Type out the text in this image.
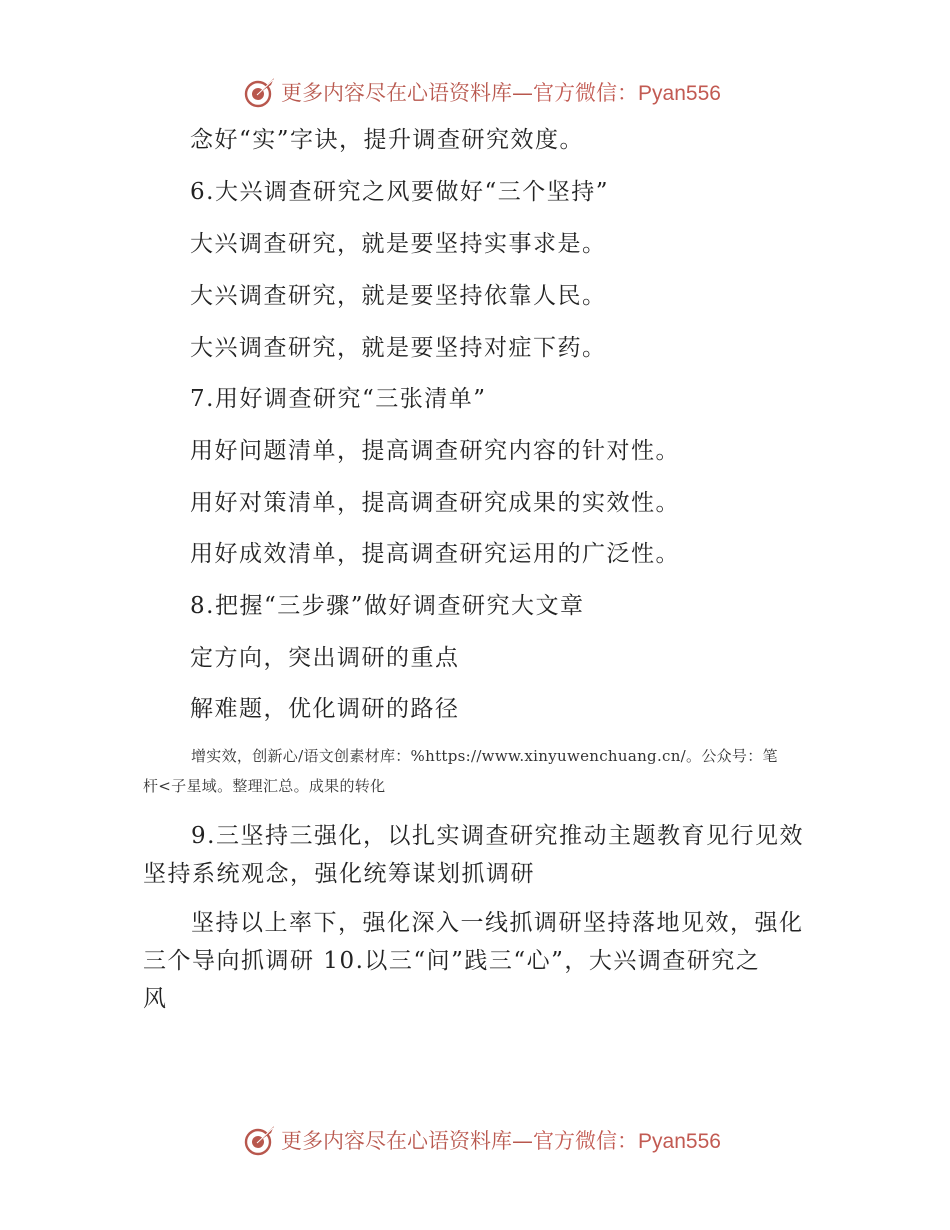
更多内容尽在心语资料库—官方微信：Pyan556
念好“实”字诀，提升调查研究效度。
6.大兴调查研究之风要做好“三个坚持”
大兴调查研究，就是要坚持实事求是。
大兴调查研究，就是要坚持依靠人民。
大兴调查研究，就是要坚持对症下药。
7.用好调查研究“三张清单”
用好问题清单，提高调查研究内容的针对性。
用好对策清单，提高调查研究成果的实效性。
用好成效清单，提高调查研究运用的广泛性。
8.把握“三步骤”做好调查研究大文章
定方向，突出调研的重点
解难题，优化调研的路径
增实效，创新心/语文创素材库：%https://www.xinyuwenchuang.cn/。公众号：笔
杆<子星域。整理汇总。成果的转化
9.三坚持三强化，以扎实调查研究推动主题教育见行见效
坚持系统观念，强化统筹谋划抓调研
坚持以上率下，强化深入一线抓调研坚持落地见效，强化
三个导向抓调研 10.以三“问”践三“心”，大兴调查研究之
风
更多内容尽在心语资料库—官方微信：Pyan556
